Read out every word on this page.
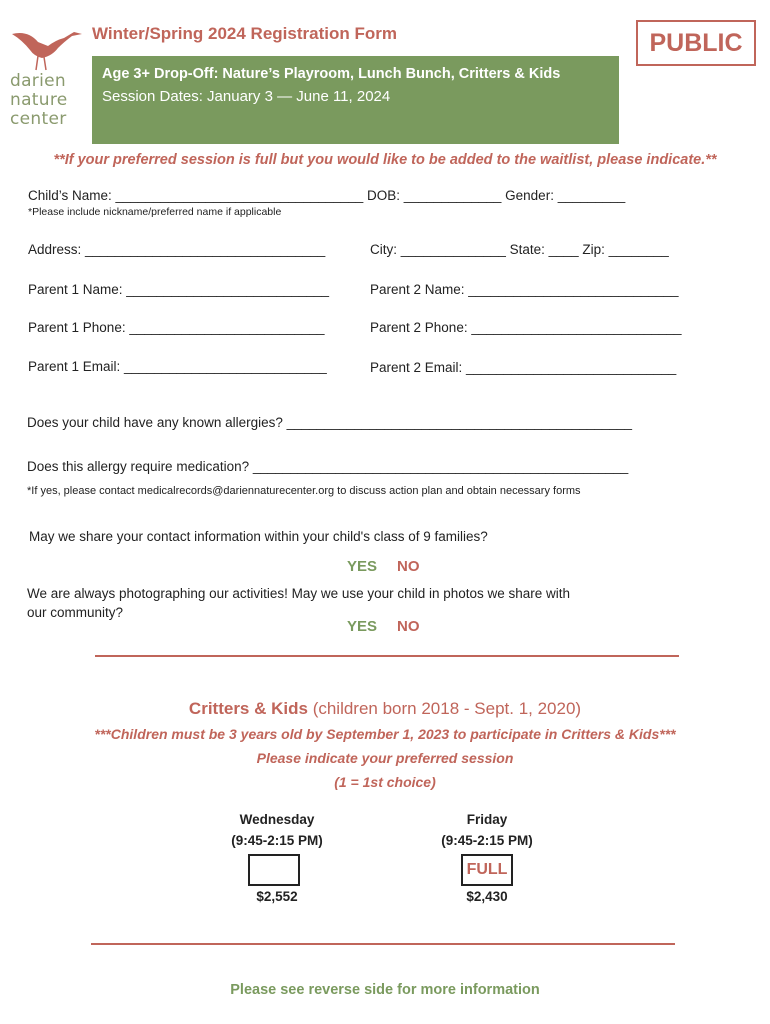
darien
nature
center
Winter/Spring 2024 Registration Form	PUBLIC
Age 3+ Drop-Off: Nature’s Playroom, Lunch Bunch, Critters & Kids
Session Dates: January 3 — June 11, 2024
**If your preferred session is full but you would like to be added to the waitlist, please indicate.**
Child’s Name: _________________________________ DOB: _____________ Gender: _________
*Please include nickname/preferred name if applicable
Address: ________________________________	City: ______________ State: ____ Zip: ________
Parent 1 Name: ___________________________	Parent 2 Name: ____________________________
Parent 1 Phone: __________________________	Parent 2 Phone: ____________________________
Parent 1 Email: ___________________________	Parent 2 Email: ____________________________
Does your child have any known allergies? ______________________________________________
Does this allergy require medication? __________________________________________________
*If yes, please contact medicalrecords@dariennaturecenter.org to discuss action plan and obtain necessary forms
May we share your contact information within your child's class of 9 families?
YES NO
We are always photographing our activities! May we use your child in photos we share with
our community?
YES NO
Critters & Kids (children born 2018 - Sept. 1, 2020)
***Children must be 3 years old by September 1, 2023 to participate in Critters & Kids***
Please indicate your preferred session
(1 = 1st choice)
Wednesday
(9:45-2:15 PM)
$2,552
Friday
(9:45-2:15 PM)
FULL
$2,430
Please see reverse side for more information
